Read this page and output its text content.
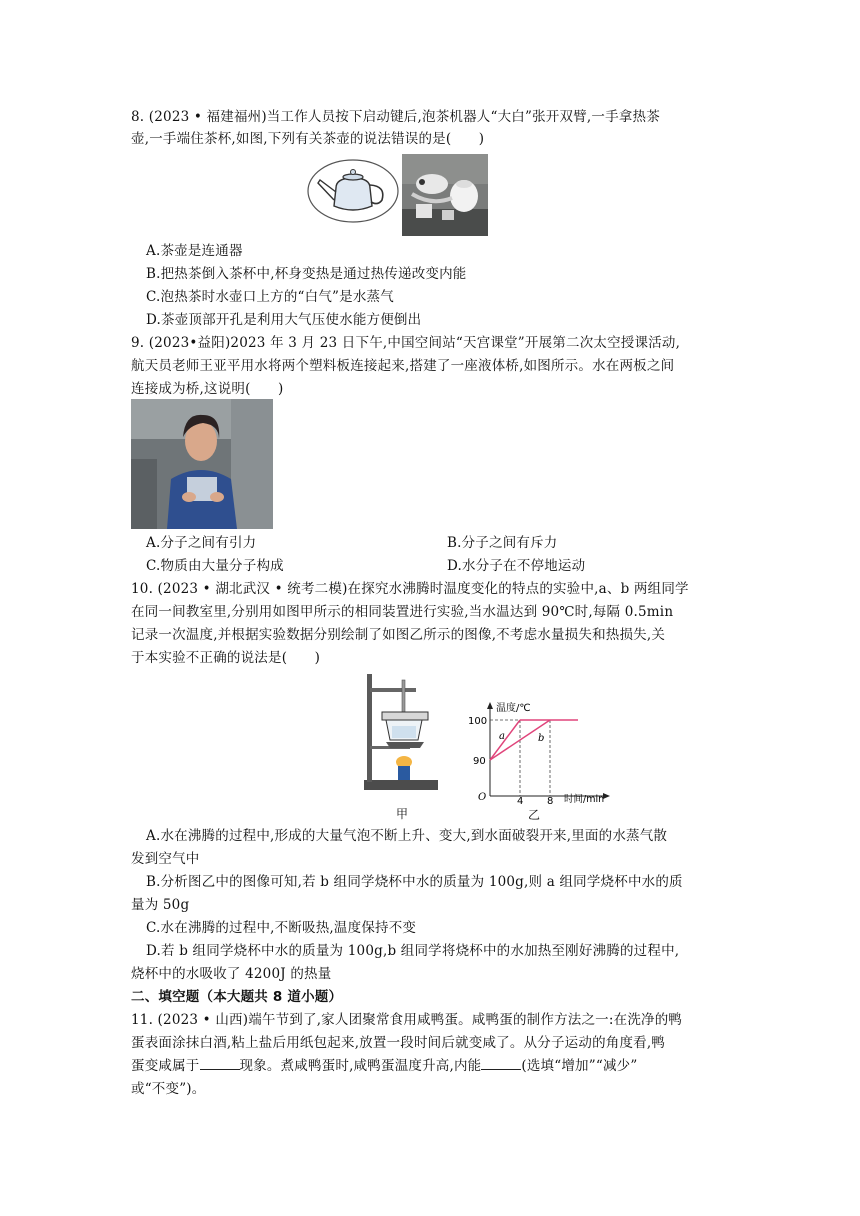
8. (2023 • 福建福州)当工作人员按下启动键后,泡茶机器人“大白”张开双臂,一手拿热茶
壶,一手端住茶杯,如图,下列有关茶壶的说法错误的是(　　)
A.茶壶是连通器
B.把热茶倒入茶杯中,杯身变热是通过热传递改变内能
C.泡热茶时水壶口上方的“白气”是水蒸气
D.茶壶顶部开孔是利用大气压使水能方便倒出
9. (2023•益阳)2023 年 3 月 23 日下午,中国空间站“天宫课堂”开展第二次太空授课活动,
航天员老师王亚平用水将两个塑料板连接起来,搭建了一座液体桥,如图所示。水在两板之间
连接成为桥,这说明(　　)
A.分子之间有引力	B.分子之间有斥力
C.物质由大量分子构成	D.水分子在不停地运动
10. (2023 • 湖北武汉 • 统考二模)在探究水沸腾时温度变化的特点的实验中,a、b 两组同学
在同一间教室里,分别用如图甲所示的相同装置进行实验,当水温达到 90℃时,每隔 0.5min
记录一次温度,并根据实验数据分别绘制了如图乙所示的图像,不考虑水量损失和热损失,关
于本实验不正确的说法是(　　)
甲
100
90
O	4 8
温度/℃
时间/min
a	b
乙
A.水在沸腾的过程中,形成的大量气泡不断上升、变大,到水面破裂开来,里面的水蒸气散
发到空气中
B.分析图乙中的图像可知,若 b 组同学烧杯中水的质量为 100g,则 a 组同学烧杯中水的质
量为 50g
C.水在沸腾的过程中,不断吸热,温度保持不变
D.若 b 组同学烧杯中水的质量为 100g,b 组同学将烧杯中的水加热至刚好沸腾的过程中,
烧杯中的水吸收了 4200J 的热量
二、填空题（本大题共 8 道小题）
11. (2023 • 山西)端午节到了,家人团聚常食用咸鸭蛋。咸鸭蛋的制作方法之一:在洗净的鸭
蛋表面涂抹白酒,粘上盐后用纸包起来,放置一段时间后就变咸了。从分子运动的角度看,鸭
蛋变咸属于	现象。煮咸鸭蛋时,咸鸭蛋温度升高,内能	(选填“增加”“减少”
或“不变”)。
